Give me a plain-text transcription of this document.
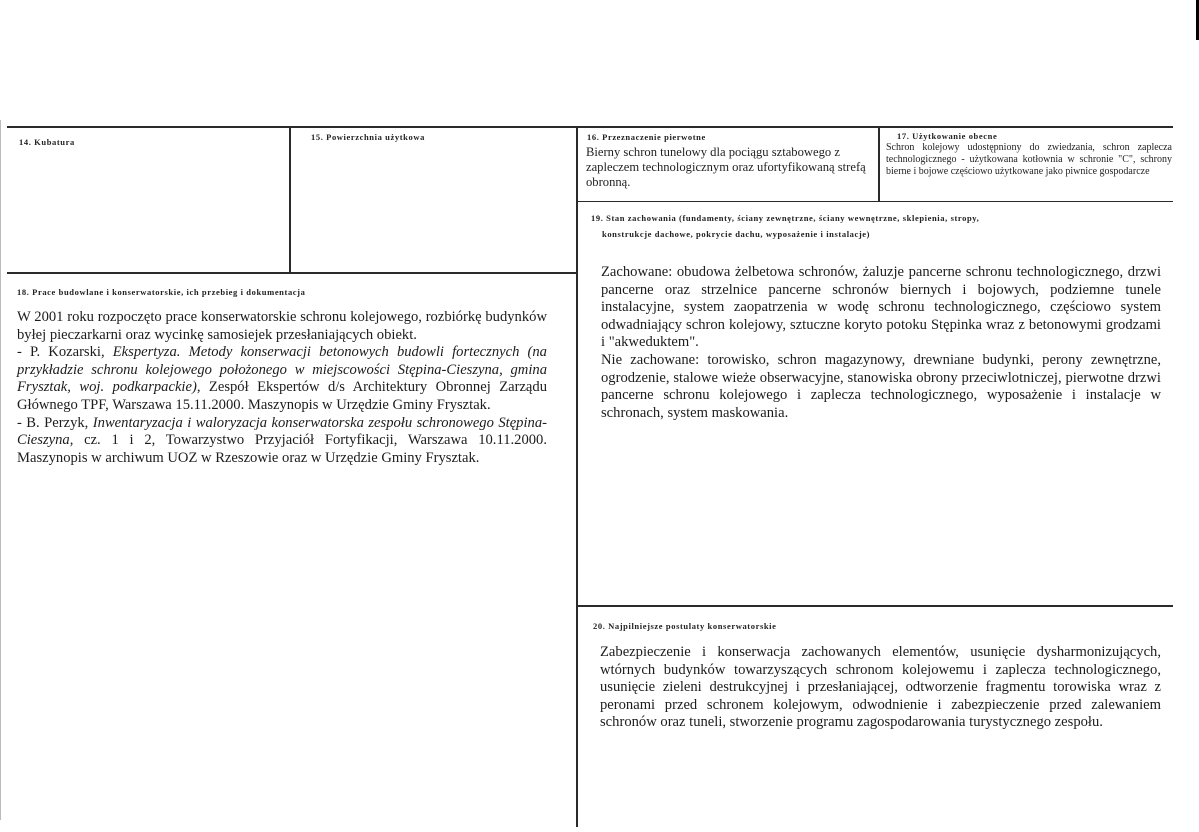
14. Kubatura	15. Powierzchnia użytkowa	16. Przeznaczenie pierwotne
Bierny schron tunelowy dla pociągu sztabowego z zapleczem technologicznym oraz ufortyfikowaną strefą obronną.
17. Użytkowanie obecne
Schron kolejowy udostępniony do zwiedzania, schron zaplecza technologicznego - użytkowana kotłownia w schronie "C", schrony bierne i bojowe częściowo użytkowane jako piwnice gospodarcze
18. Prace budowlane i konserwatorskie, ich przebieg i dokumentacja

W 2001 roku rozpoczęto prace konserwatorskie schronu kolejowego, rozbiórkę budynków byłej pieczarkarni oraz wycinkę samosiejek przesłaniających obiekt.

- P. Kozarski, Ekspertyza. Metody konserwacji betonowych budowli fortecznych (na przykładzie schronu kolejowego położonego w miejscowości Stępina-Cieszyna, gmina Frysztak, woj. podkarpackie), Zespół Ekspertów d/s Architektury Obronnej Zarządu Głównego TPF, Warszawa 15.11.2000. Maszynopis w Urzędzie Gminy Frysztak.

- B. Perzyk, Inwentaryzacja i waloryzacja konserwatorska zespołu schronowego Stępina-Cieszyna, cz. 1 i 2, Towarzystwo Przyjaciół Fortyfikacji, Warszawa 10.11.2000. Maszynopis w archiwum UOZ w Rzeszowie oraz w Urzędzie Gminy Frysztak.

19. Stan zachowania (fundamenty, ściany zewnętrzne, ściany wewnętrzne, sklepienia, stropy,
konstrukcje dachowe, pokrycie dachu, wyposażenie i instalacje)

Zachowane: obudowa żelbetowa schronów, żaluzje pancerne schronu technologicznego, drzwi pancerne oraz strzelnice pancerne schronów biernych i bojowych, podziemne tunele instalacyjne, system zaopatrzenia w wodę schronu technologicznego, częściowo system odwadniający schron kolejowy, sztuczne koryto potoku Stępinka wraz z betonowymi grodzami i "akweduktem".

Nie zachowane: torowisko, schron magazynowy, drewniane budynki, perony zewnętrzne, ogrodzenie, stalowe wieże obserwacyjne, stanowiska obrony przeciwlotniczej, pierwotne drzwi pancerne schronu kolejowego i zaplecza technologicznego, wyposażenie i instalacje w schronach, system maskowania.

20. Najpilniejsze postulaty konserwatorskie
Zabezpieczenie i konserwacja zachowanych elementów, usunięcie dysharmonizujących, wtórnych budynków towarzyszących schronom kolejowemu i zaplecza technologicznego, usunięcie zieleni destrukcyjnej i przesłaniającej, odtworzenie fragmentu torowiska wraz z peronami przed schronem kolejowym, odwodnienie i zabezpieczenie przed zalewaniem schronów oraz tuneli, stworzenie programu zagospodarowania turystycznego zespołu.
